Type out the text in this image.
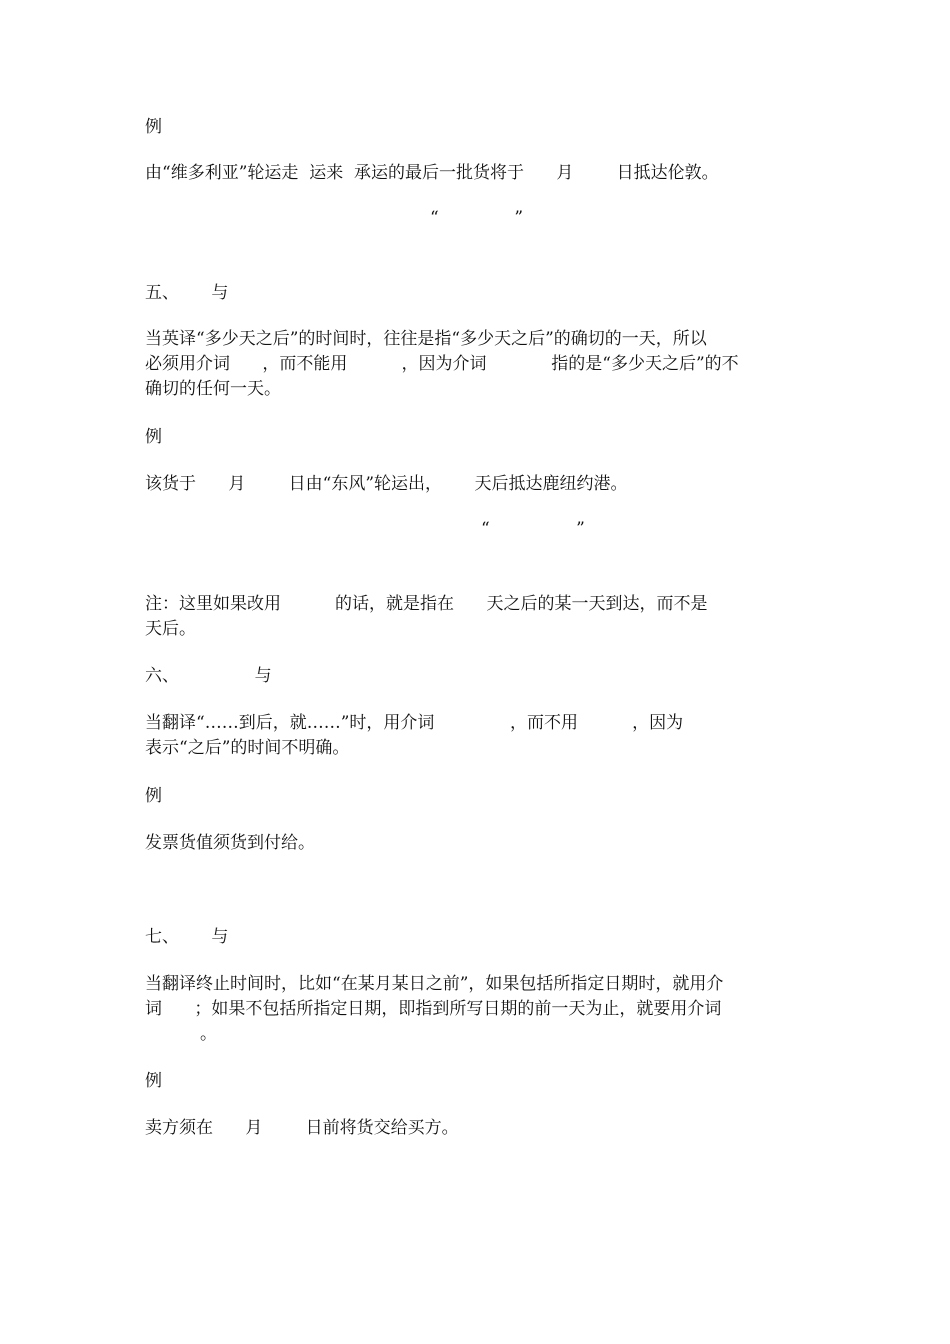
例
由“维多利亚”轮运走  运来  承运的最后一批货将于      月        日抵达伦敦。
“              ”
五、      与
当英译“多少天之后”的时间时，往往是指“多少天之后”的确切的一天，所以
必须用介词      ，而不能用          ，因为介词            指的是“多少天之后”的不
确切的任何一天。
例
该货于      月        日由“东风”轮运出，      天后抵达鹿纽约港。
“                ”
注：这里如果改用          的话，就是指在      天之后的某一天到达，而不是
天后。
六、              与
当翻译“……到后，就……”时，用介词              ，而不用          ，因为
表示“之后”的时间不明确。
例
发票货值须货到付给。
七、      与
当翻译终止时间时，比如“在某月某日之前”，如果包括所指定日期时，就用介
词      ；如果不包括所指定日期，即指到所写日期的前一天为止，就要用介词
。
例
卖方须在      月        日前将货交给买方。
